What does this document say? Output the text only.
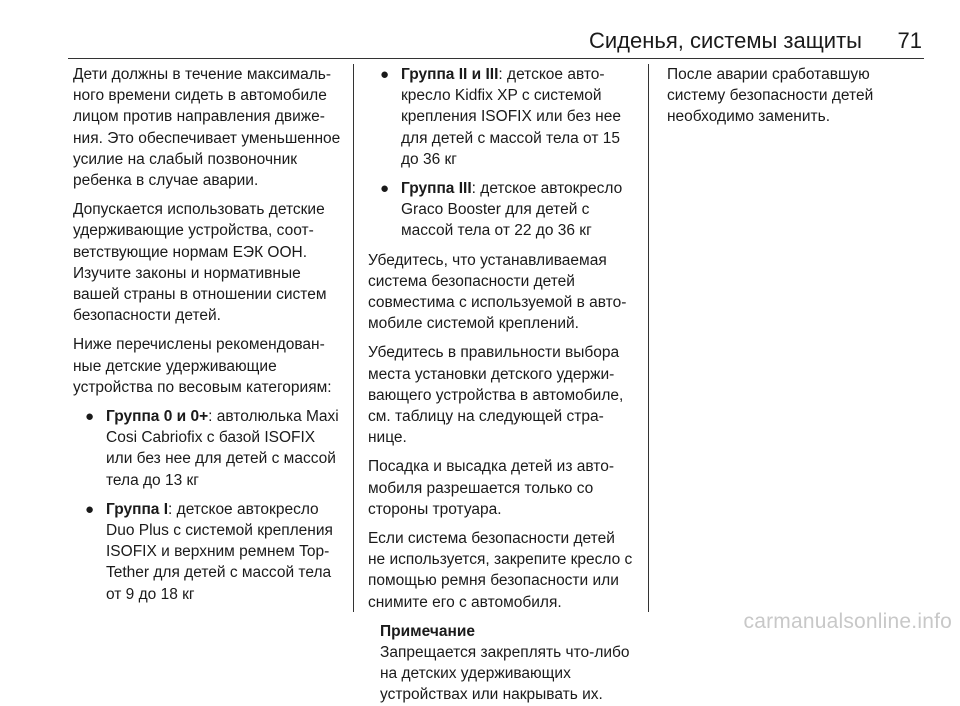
Сиденья, системы защиты 71

Дети должны в течение максимального времени сидеть в автомобиле лицом против направления движения. Это обеспечивает уменьшенное усилие на слабый позвоночник ребенка в случае аварии.

Допускается использовать детские удерживающие устройства, соответствующие нормам ЕЭК ООН. Изучите законы и нормативные вашей страны в отношении систем безопасности детей.

Ниже перечислены рекомендованные детские удерживающие устройства по весовым категориям:

● Группа 0 и 0+: автолюлька Maxi Cosi Cabriofix с базой ISOFIX или без нее для детей с массой тела до 13 кг
● Группа I: детское автокресло Duo Plus с системой крепления ISOFIX и верхним ремнем Top-Tether для детей с массой тела от 9 до 18 кг
● Группа II и III: детское автокресло Kidfix XP с системой крепления ISOFIX или без нее для детей с массой тела от 15 до 36 кг
● Группа III: детское автокресло Graco Booster для детей с массой тела от 22 до 36 кг

Убедитесь, что устанавливаемая система безопасности детей совместима с используемой в автомобиле системой креплений.

Убедитесь в правильности выбора места установки детского удерживающего устройства в автомобиле, см. таблицу на следующей странице.

Посадка и высадка детей из автомобиля разрешается только со стороны тротуара.

Если система безопасности детей не используется, закрепите кресло с помощью ремня безопасности или снимите его с автомобиля.

Примечание
Запрещается закреплять что-либо на детских удерживающих устройствах или накрывать их.

После аварии сработавшую систему безопасности детей необходимо заменить.

carmanualsonline.info
